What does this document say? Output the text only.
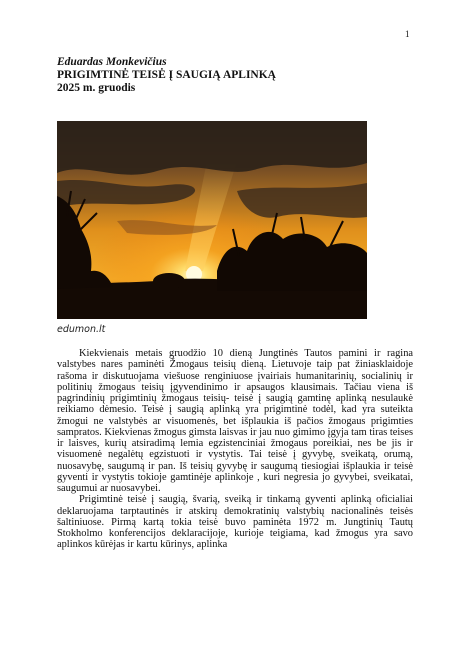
1
Eduardas Monkevičius
PRIGIMTINĖ TEISĖ Į SAUGIĄ APLINKĄ
2025 m. gruodis
edumon.lt

Kiekvienais metais gruodžio 10 dieną Jungtinės Tautos pamini ir ragina valstybes nares paminėti Žmogaus teisių dieną. Lietuvoje taip pat žiniasklaidoje rašoma ir diskutuojama viešuose renginiuose įvairiais humanitarinių, socialinių ir politinių žmogaus teisių įgyvendinimo ir apsaugos klausimais. Tačiau viena iš pagrindinių prigimtinių žmogaus teisių- teisė į saugią gamtinę aplinką nesulaukė reikiamo dėmesio. Teisė į saugią aplinką yra prigimtinė todėl, kad yra suteikta žmogui ne valstybės ar visuomenės, bet išplaukia iš pačios žmogaus prigimties sampratos. Kiekvienas žmogus gimsta laisvas ir jau nuo gimimo įgyja tam tiras teises ir laisves, kurių atsiradimą lemia egzistenciniai žmogaus poreikiai, nes be jis ir visuomenė negalėtų egzistuoti ir vystytis. Tai teisė į gyvybę, sveikatą, orumą, nuosavybę, saugumą ir pan. Iš teisių gyvybę ir saugumą tiesiogiai išplaukia ir teisė gyventi ir vystytis tokioje gamtinėje aplinkoje , kuri negresia jo gyvybei, sveikatai, saugumui ar nuosavybei.

Prigimtinė teisė į saugią, švarią, sveiką ir tinkamą gyventi aplinką oficialiai deklaruojama tarptautinės ir atskirų demokratinių valstybių nacionalinės teisės šaltiniuose. Pirmą kartą tokia teisė buvo paminėta 1972 m. Jungtinių Tautų Stokholmo konferencijos deklaracijoje, kurioje teigiama, kad žmogus yra savo aplinkos kūrėjas ir kartu kūrinys, aplinka
